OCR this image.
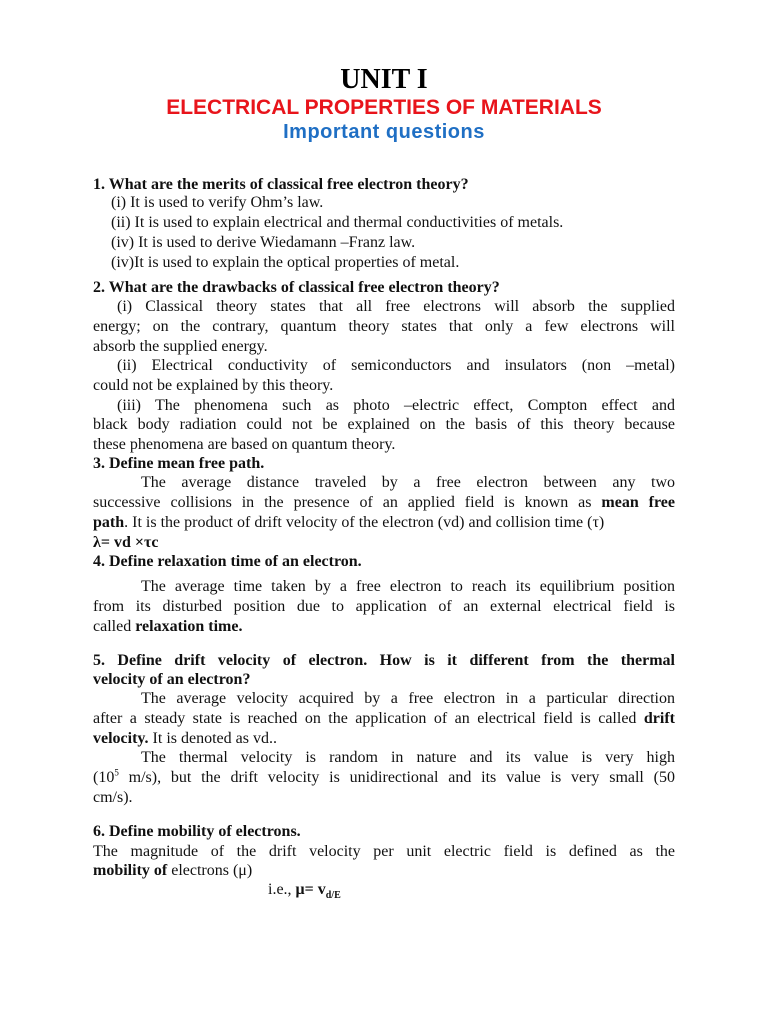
UNIT I
ELECTRICAL PROPERTIES OF MATERIALS
Important questions
1. What are the merits of classical free electron theory?
(i) It is used to verify Ohm’s law.
(ii) It is used to explain electrical and thermal conductivities of metals.
(iv) It is used to derive Wiedamann –Franz law.
(iv)It is used to explain the optical properties of metal.
2. What are the drawbacks of classical free electron theory?
(i) Classical theory states that all free electrons will absorb the supplied
energy; on the contrary, quantum theory states that only a few electrons will
absorb the supplied energy.
(ii) Electrical conductivity of semiconductors and insulators (non –metal)
could not be explained by this theory.
(iii) The phenomena such as photo –electric effect, Compton effect and
black body radiation could not be explained on the basis of this theory because
these phenomena are based on quantum theory.
3. Define mean free path.
The average distance traveled by a free electron between any two
successive collisions in the presence of an applied field is known as mean free
path. It is the product of drift velocity of the electron (vd) and collision time (τ)
λ= vd ×τc
4. Define relaxation time of an electron.
The average time taken by a free electron to reach its equilibrium position
from its disturbed position due to application of an external electrical field is
called relaxation time.
5. Define drift velocity of electron. How is it different from the thermal
velocity of an electron?
The average velocity acquired by a free electron in a particular direction
after a steady state is reached on the application of an electrical field is called drift
velocity. It is denoted as vd..
The thermal velocity is random in nature and its value is very high
($10^5$ m/s), but the drift velocity is unidirectional and its value is very small (50
cm/s).
6. Define mobility of electrons.
The magnitude of the drift velocity per unit electric field is defined as the
mobility of electrons (μ)
i.e., $\mu= v_{d/E}$
